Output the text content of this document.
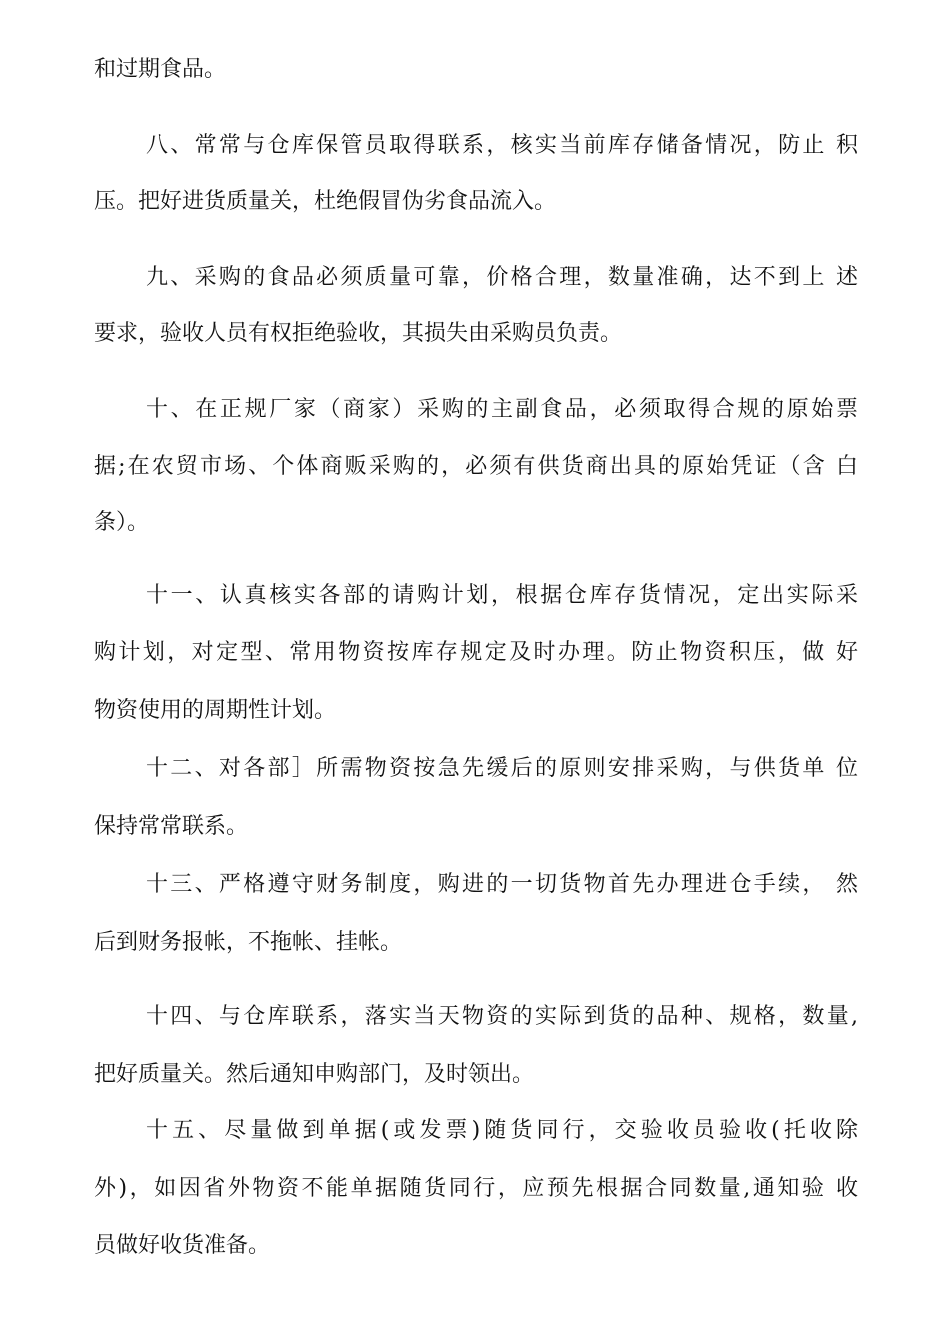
和过期食品。
八、常常与仓库保管员取得联系，核实当前库存储备情况，防止 积
压。把好进货质量关，杜绝假冒伪劣食品流入。
九、采购的食品必须质量可靠，价格合理，数量准确，达不到上 述
要求，验收人员有权拒绝验收，其损失由采购员负责。
十、在正规厂家（商家）采购的主副食品，必须取得合规的原始票
据;在农贸市场、个体商贩采购的，必须有供货商出具的原始凭证（含 白
条）。
十一、认真核实各部的请购计划，根据仓库存货情况，定出实际采
购计划，对定型、常用物资按库存规定及时办理。防止物资积压，做 好
物资使用的周期性计划。
十二、对各部］所需物资按急先缓后的原则安排采购，与供货单 位
保持常常联系。
十三、严格遵守财务制度，购进的一切货物首先办理进仓手续， 然
后到财务报帐，不拖帐、挂帐。
十四、与仓库联系，落实当天物资的实际到货的品种、规格，数量,
把好质量关。然后通知申购部门，及时领出。
十五、尽量做到单据(或发票)随货同行，交验收员验收(托收除
外)，如因省外物资不能单据随货同行，应预先根据合同数量,通知验 收
员做好收货准备。
